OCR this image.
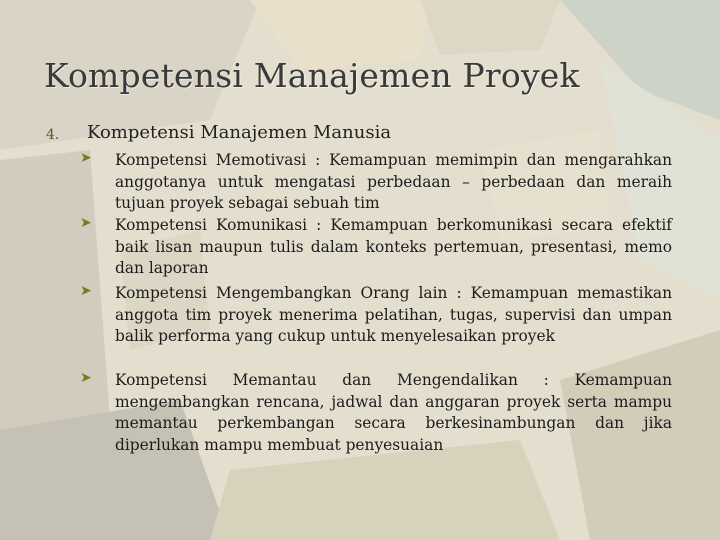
Kompetensi Manajemen Proyek
4. Kompetensi Manajemen Manusia
➤ Kompetensi Memotivasi : Kemampuan memimpin dan mengarahkan anggotanya untuk mengatasi perbedaan – perbedaan dan meraih tujuan proyek sebagai sebuah tim
➤ Kompetensi Komunikasi : Kemampuan berkomunikasi secara efektif baik lisan maupun tulis dalam konteks pertemuan, presentasi, memo dan laporan
➤ Kompetensi Mengembangkan Orang lain : Kemampuan memastikan anggota tim proyek menerima pelatihan, tugas, supervisi dan umpan balik performa yang cukup untuk menyelesaikan proyek
➤ Kompetensi Memantau dan Mengendalikan : Kemampuan mengembangkan rencana, jadwal dan anggaran proyek serta mampu memantau perkembangan secara berkesinambungan dan jika diperlukan mampu membuat penyesuaian
